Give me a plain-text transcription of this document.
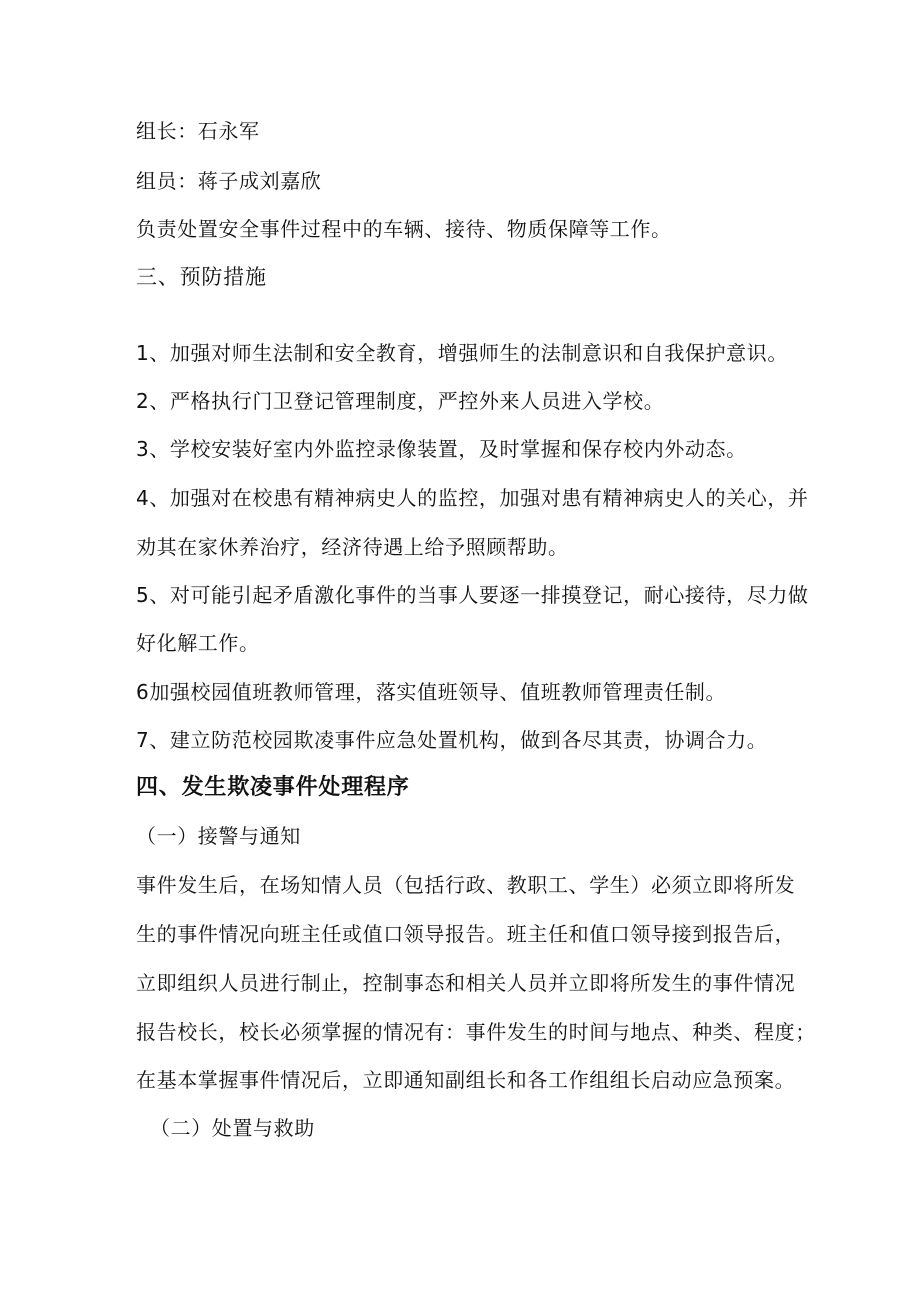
组长：石永军
组员：蒋子成刘嘉欣
负责处置安全事件过程中的车辆、接待、物质保障等工作。
三、预防措施
1、加强对师生法制和安全教育，增强师生的法制意识和自我保护意识。
2、严格执行门卫登记管理制度，严控外来人员进入学校。
3、学校安装好室内外监控录像装置，及时掌握和保存校内外动态。
4、加强对在校患有精神病史人的监控，加强对患有精神病史人的关心，并
劝其在家休养治疗，经济待遇上给予照顾帮助。
5、对可能引起矛盾激化事件的当事人要逐一排摸登记，耐心接待，尽力做
好化解工作。
6加强校园值班教师管理，落实值班领导、值班教师管理责任制。
7、建立防范校园欺凌事件应急处置机构，做到各尽其责，协调合力。
四、发生欺凌事件处理程序
（一）接警与通知
事件发生后，在场知情人员（包括行政、教职工、学生）必须立即将所发
生的事件情况向班主任或值口领导报告。班主任和值口领导接到报告后，
立即组织人员进行制止，控制事态和相关人员并立即将所发生的事件情况
报告校长，校长必须掌握的情况有：事件发生的时间与地点、种类、程度；
在基本掌握事件情况后，立即通知副组长和各工作组组长启动应急预案。
（二）处置与救助
